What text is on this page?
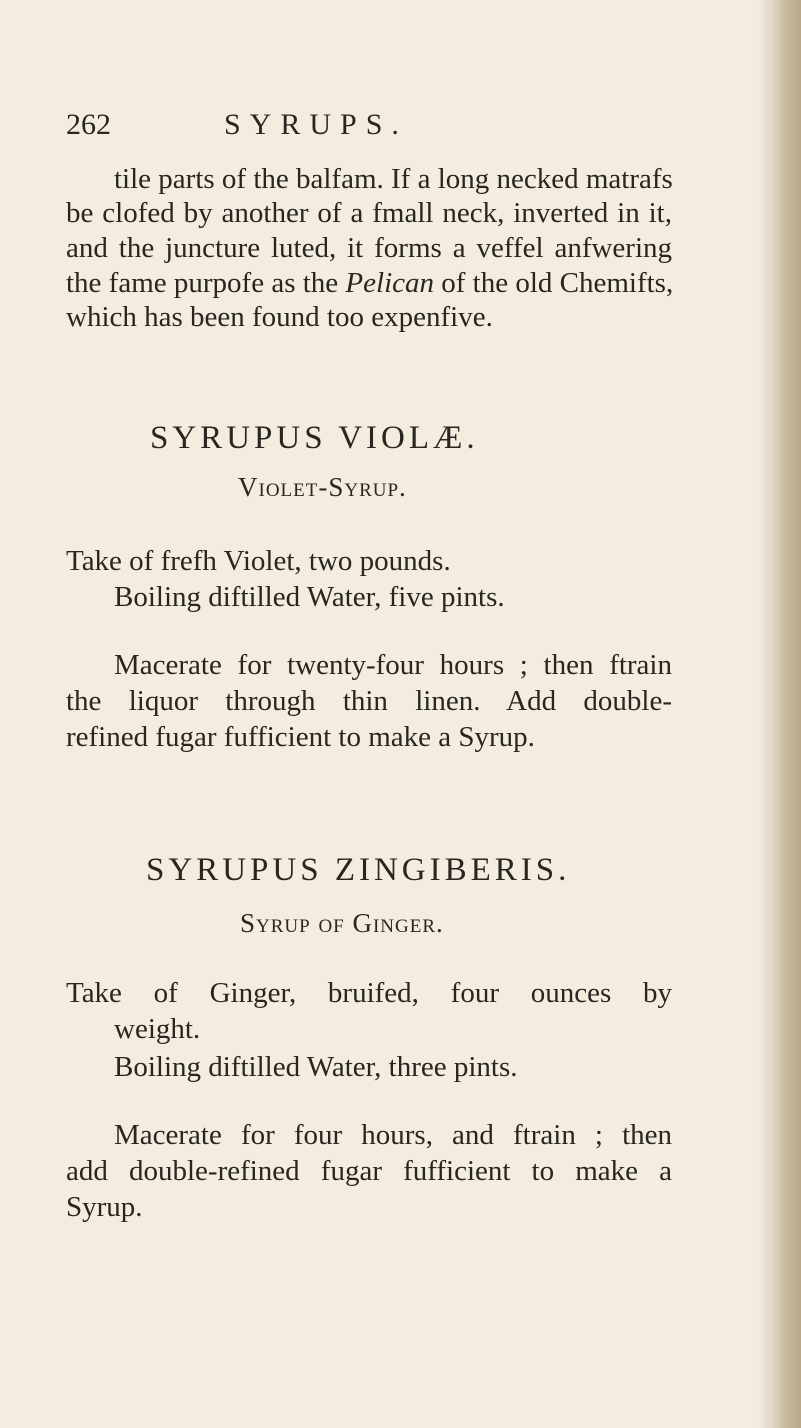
262	SYRUPS.
tile parts of the balfam. If a long necked matrafs
be clofed by another of a fmall neck, inverted in it,
and the juncture luted, it forms a veffel anfwering
the fame purpofe as the Pelican of the old Chemifts,
which has been found too expenfive.
SYRUPUS VIOLÆ.
Violet-Syrup.
Take of frefh Violet, two pounds.
Boiling diftilled Water, five pints.
Macerate for twenty-four hours ; then ftrain
the liquor through thin linen. Add double-
refined fugar fufficient to make a Syrup.
SYRUPUS ZINGIBERIS.
Syrup of Ginger.
Take of Ginger, bruifed, four ounces by
weight.
Boiling diftilled Water, three pints.
Macerate for four hours, and ftrain ; then
add double-refined fugar fufficient to make a
Syrup.
